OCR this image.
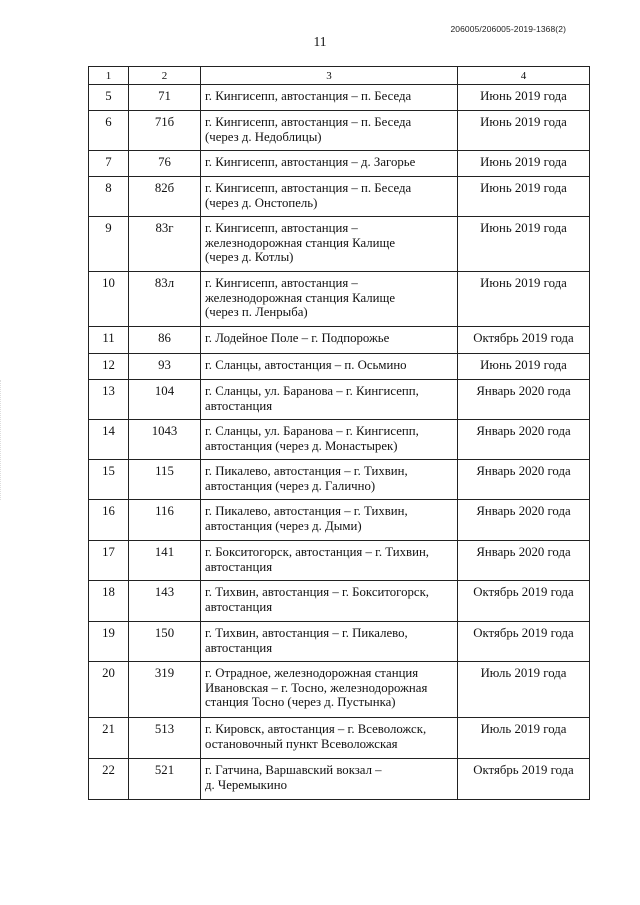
206005/206005-2019-1368(2)
11
1	2	3	4
5	71	г. Кингисепп, автостанция – п. Беседа	Июнь 2019 года
6	71б	г. Кингисепп, автостанция – п. Беседа
(через д. Недоблицы)	Июнь 2019 года
7	76	г. Кингисепп, автостанция – д. Загорье	Июнь 2019 года
8	82б	г. Кингисепп, автостанция – п. Беседа
(через д. Онстопель)	Июнь 2019 года
9	83г	г. Кингисепп, автостанция –
железнодорожная станция Калище
(через д. Котлы)	Июнь 2019 года
10	83л	г. Кингисепп, автостанция –
железнодорожная станция Калище
(через п. Ленрыба)	Июнь 2019 года
11	86	г. Лодейное Поле – г. Подпорожье	Октябрь 2019 года
12	93	г. Сланцы, автостанция – п. Осьмино	Июнь 2019 года
13	104	г. Сланцы, ул. Баранова – г. Кингисепп,
автостанция	Январь 2020 года
14	1043	г. Сланцы, ул. Баранова – г. Кингисепп,
автостанция (через д. Монастырек)	Январь 2020 года
15	115	г. Пикалево, автостанция – г. Тихвин,
автостанция (через д. Галично)	Январь 2020 года
16	116	г. Пикалево, автостанция – г. Тихвин,
автостанция (через д. Дыми)	Январь 2020 года
17	141	г. Бокситогорск, автостанция – г. Тихвин,
автостанция	Январь 2020 года
18	143	г. Тихвин, автостанция – г. Бокситогорск,
автостанция	Октябрь 2019 года
19	150	г. Тихвин, автостанция – г. Пикалево,
автостанция	Октябрь 2019 года
20	319	г. Отрадное, железнодорожная станция
Ивановская – г. Тосно, железнодорожная
станция Тосно (через д. Пустынка)	Июль 2019 года
21	513	г. Кировск, автостанция – г. Всеволожск,
остановочный пункт Всеволожская	Июль 2019 года
22	521	г. Гатчина, Варшавский вокзал –
д. Черемыкино	Октябрь 2019 года
